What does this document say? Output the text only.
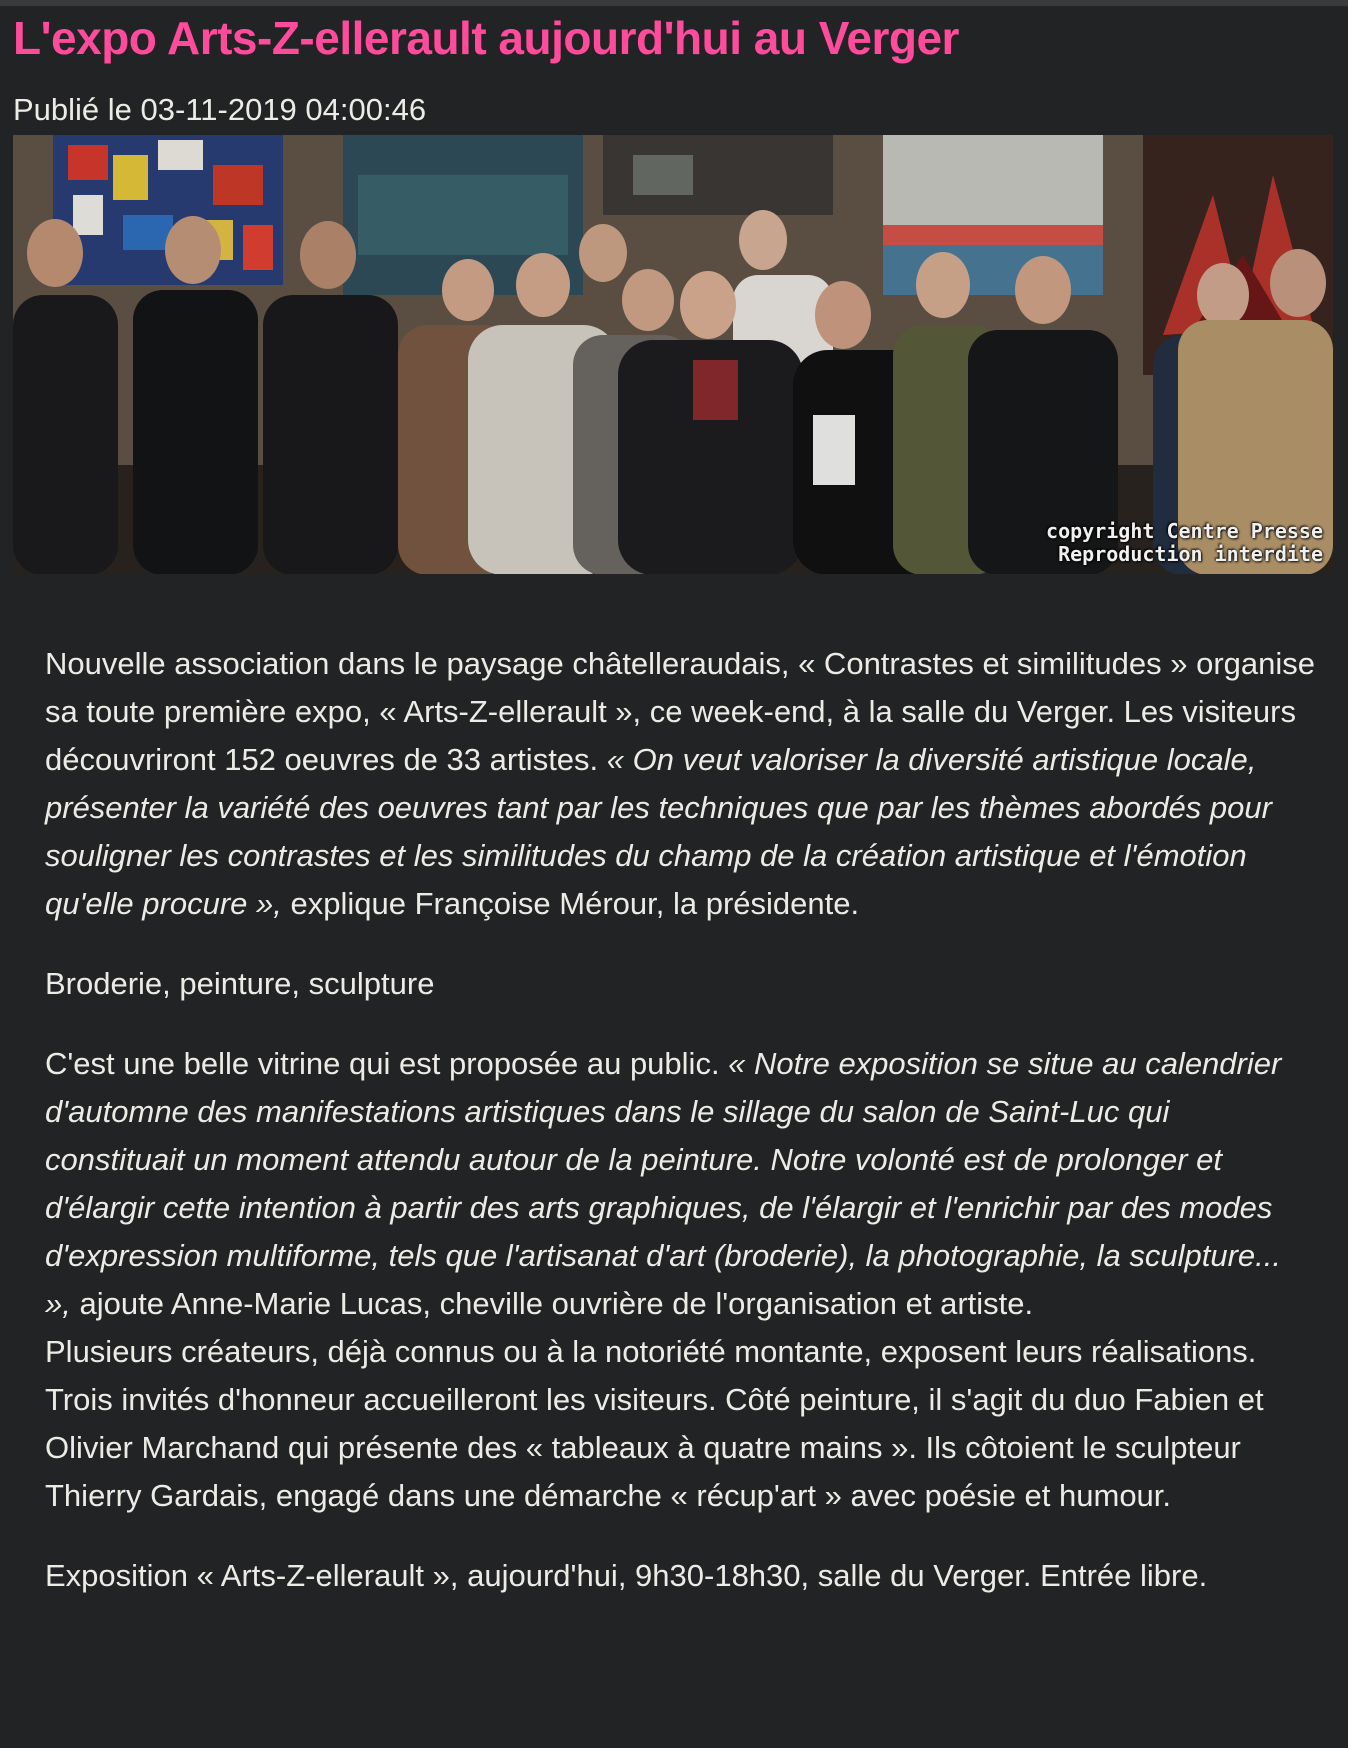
L'expo Arts-Z-ellerault aujourd'hui au Verger
Publié le 03-11-2019 04:00:46
copyright Centre Presse
Reproduction interdite

Nouvelle association dans le paysage châtelleraudais, « Contrastes et similitudes » organise sa toute première expo, « Arts-Z-ellerault », ce week-end, à la salle du Verger. Les visiteurs découvriront 152 oeuvres de 33 artistes. « On veut valoriser la diversité artistique locale, présenter la variété des oeuvres tant par les techniques que par les thèmes abordés pour souligner les contrastes et les similitudes du champ de la création artistique et l'émotion qu'elle procure », explique Françoise Mérour, la présidente.

Broderie, peinture, sculpture

C'est une belle vitrine qui est proposée au public. « Notre exposition se situe au calendrier d'automne des manifestations artistiques dans le sillage du salon de Saint-Luc qui constituait un moment attendu autour de la peinture. Notre volonté est de prolonger et d'élargir cette intention à partir des arts graphiques, de l'élargir et l'enrichir par des modes d'expression multiforme, tels que l'artisanat d'art (broderie), la photographie, la sculpture... », ajoute Anne-Marie Lucas, cheville ouvrière de l'organisation et artiste.

Plusieurs créateurs, déjà connus ou à la notoriété montante, exposent leurs réalisations. Trois invités d'honneur accueilleront les visiteurs. Côté peinture, il s'agit du duo Fabien et Olivier Marchand qui présente des « tableaux à quatre mains ». Ils côtoient le sculpteur Thierry Gardais, engagé dans une démarche « récup'art » avec poésie et humour.

Exposition « Arts-Z-ellerault », aujourd'hui, 9h30-18h30, salle du Verger. Entrée libre.
